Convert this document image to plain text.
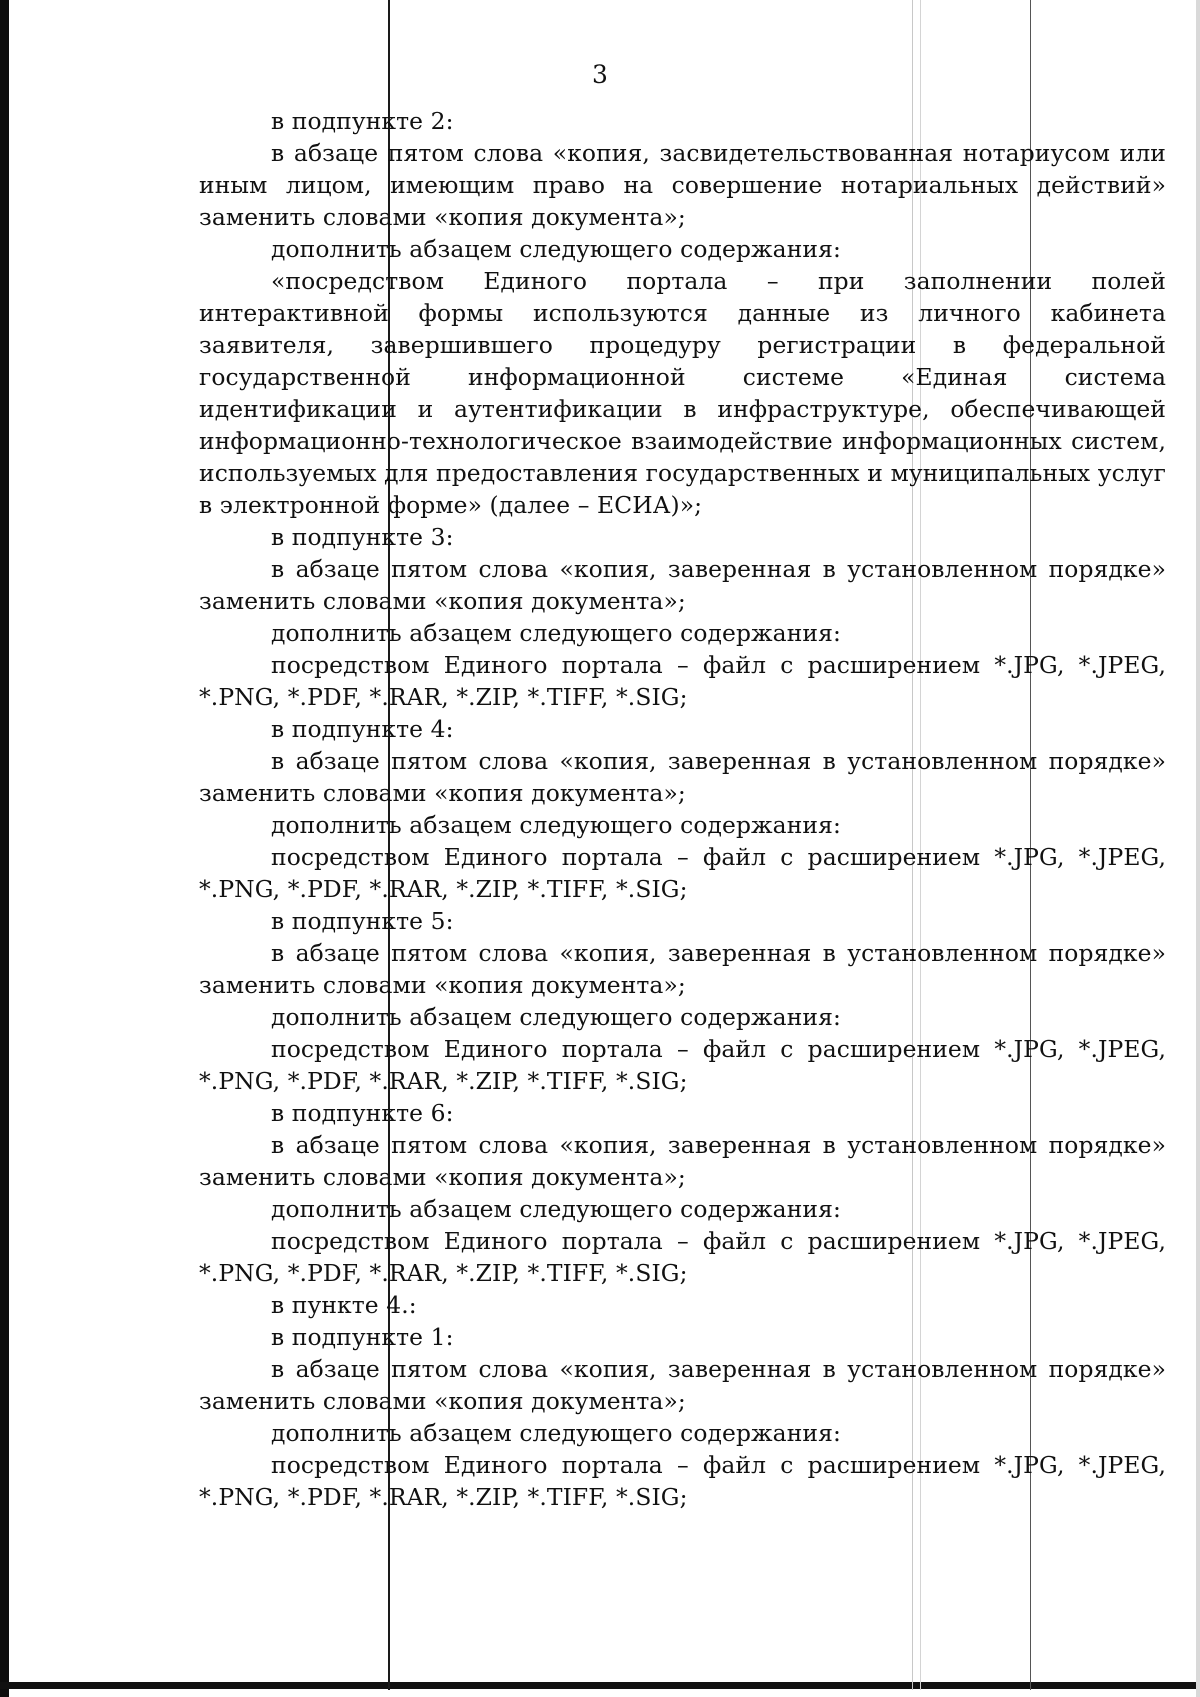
3

в подпункте 2:

в абзаце пятом слова «копия, засвидетельствованная нотариусом или иным лицом, имеющим право на совершение нотариальных действий» заменить словами «копия документа»;

дополнить абзацем следующего содержания:

«посредством Единого портала – при заполнении полей интерактивной формы используются данные из личного кабинета заявителя, завершившего процедуру регистрации в федеральной государственной информационной системе «Единая система идентификации и аутентификации в инфраструктуре, обеспечивающей информационно-технологическое взаимодействие информационных систем, используемых для предоставления государственных и муниципальных услуг в электронной форме» (далее – ЕСИА)»;

в подпункте 3:

в абзаце пятом слова «копия, заверенная в установленном порядке» заменить словами «копия документа»;

дополнить абзацем следующего содержания:

посредством Единого портала – файл с расширением *.JPG, *.JPEG, *.PNG, *.PDF, *.RAR, *.ZIP, *.TIFF, *.SIG;

в подпункте 4:

в абзаце пятом слова «копия, заверенная в установленном порядке» заменить словами «копия документа»;

дополнить абзацем следующего содержания:

посредством Единого портала – файл с расширением *.JPG, *.JPEG, *.PNG, *.PDF, *.RAR, *.ZIP, *.TIFF, *.SIG;

в подпункте 5:

в абзаце пятом слова «копия, заверенная в установленном порядке» заменить словами «копия документа»;

дополнить абзацем следующего содержания:

посредством Единого портала – файл с расширением *.JPG, *.JPEG, *.PNG, *.PDF, *.RAR, *.ZIP, *.TIFF, *.SIG;

в подпункте 6:

в абзаце пятом слова «копия, заверенная в установленном порядке» заменить словами «копия документа»;

дополнить абзацем следующего содержания:

посредством Единого портала – файл с расширением *.JPG, *.JPEG, *.PNG, *.PDF, *.RAR, *.ZIP, *.TIFF, *.SIG;

в пункте 4.:

в подпункте 1:

в абзаце пятом слова «копия, заверенная в установленном порядке» заменить словами «копия документа»;

дополнить абзацем следующего содержания:

посредством Единого портала – файл с расширением *.JPG, *.JPEG, *.PNG, *.PDF, *.RAR, *.ZIP, *.TIFF, *.SIG;
